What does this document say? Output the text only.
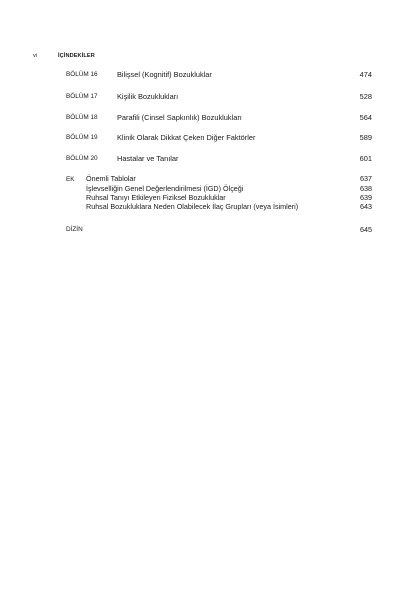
vi	İÇİNDEKİLER
BÖLÜM 16	Bilişsel (Kognitif) Bozukluklar	474
BÖLÜM 17	Kişilik Bozuklukları	528
BÖLÜM 18	Parafili (Cinsel Sapkınlık) Bozuklukları	564
BÖLÜM 19	Klinik Olarak Dikkat Çeken Diğer Faktörler	589
BÖLÜM 20	Hastalar ve Tanılar	601
EK	Önemli Tablolar	637
İşlevselliğin Genel Değerlendirilmesi (İGD) Ölçeği	638
Ruhsal Tanıyı Etkileyen Fiziksel Bozukluklar	639
Ruhsal Bozukluklara Neden Olabilecek İlaç Grupları (veya İsimleri)	643
DİZİN	645
